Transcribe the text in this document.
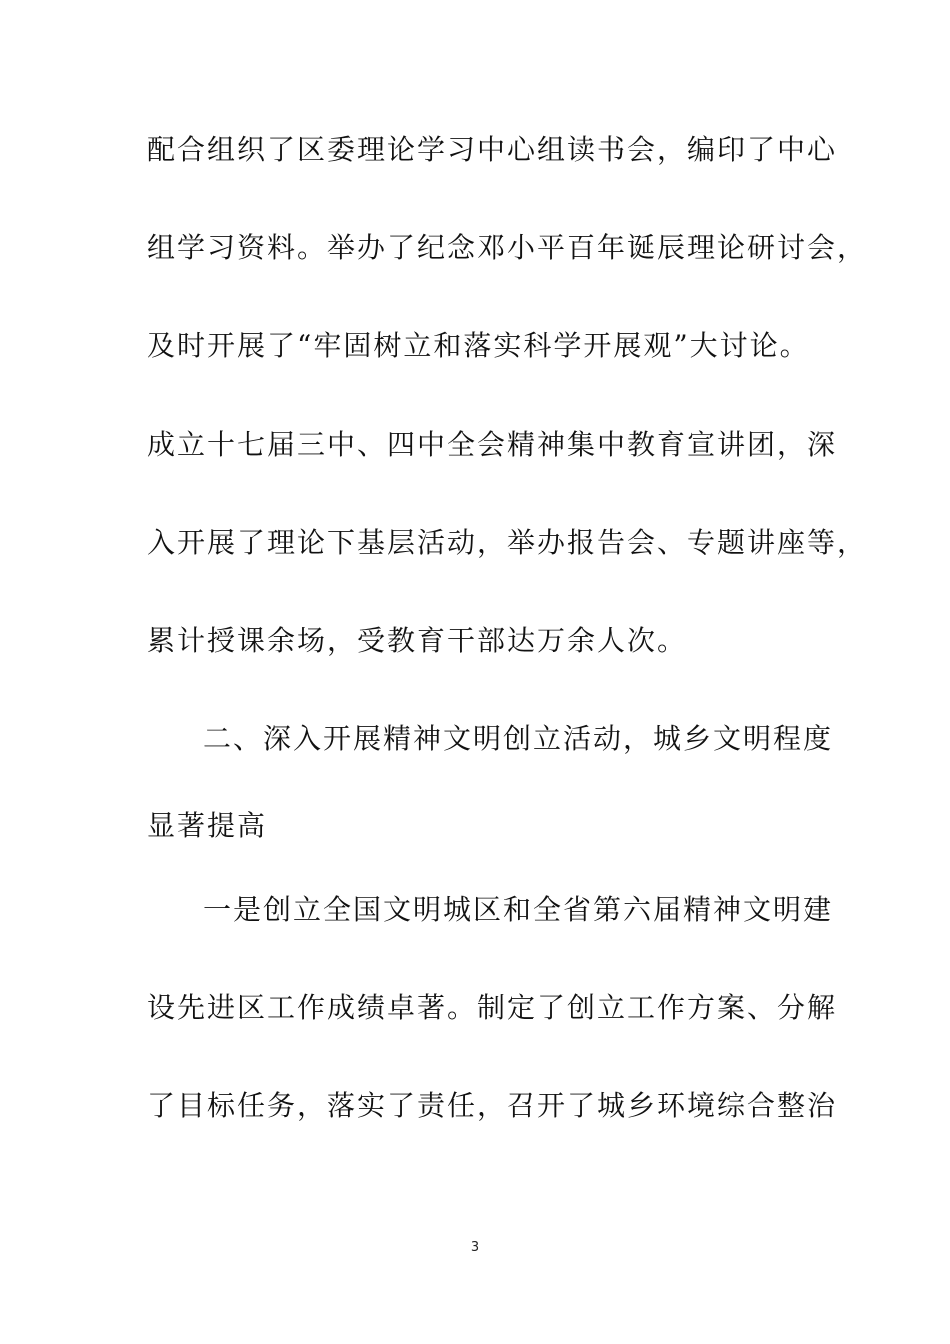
配合组织了区委理论学习中心组读书会，编印了中心
组学习资料。举办了纪念邓小平百年诞辰理论研讨会，
及时开展了“牢固树立和落实科学开展观”大讨论。
成立十七届三中、四中全会精神集中教育宣讲团，深
入开展了理论下基层活动，举办报告会、专题讲座等，
累计授课余场，受教育干部达万余人次。
二、深入开展精神文明创立活动，城乡文明程度
显著提高
一是创立全国文明城区和全省第六届精神文明建
设先进区工作成绩卓著。制定了创立工作方案、分解
了目标任务，落实了责任，召开了城乡环境综合整治
3
